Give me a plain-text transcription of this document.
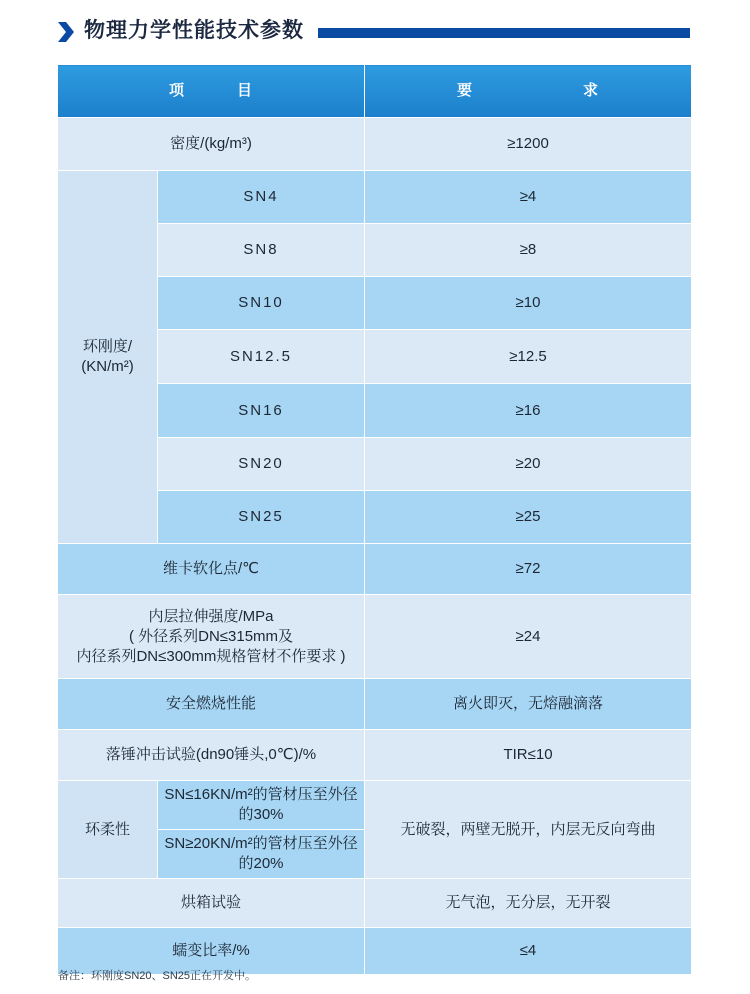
物理力学性能技术参数
项 目		要 求

密度/(kg/m³)		≥1200

环刚度/
(KN/m²)	SN4	≥4
	SN8	≥8
	SN10	≥10
	SN12.5	≥12.5
	SN16	≥16
	SN20	≥20
	SN25	≥25
维卡软化点/℃		≥72

内层拉伸强度/MPa
( 外径系列DN≤315mm及
内径系列DN≤300mm规格管材不作要求 )		≥24
安全燃烧性能		离火即灭，无熔融滴落
落锤冲击试验(dn90锤头,0℃)/%		TIR≤10
环柔性	SN≤16KN/m²的管材压至外径的30%	无破裂，两壁无脱开，内层无反向弯曲
	SN≥20KN/m²的管材压至外径的20%	
烘箱试验		无气泡，无分层，无开裂
蠕变比率/%		≤4
备注：环刚度SN20、SN25正在开发中。
